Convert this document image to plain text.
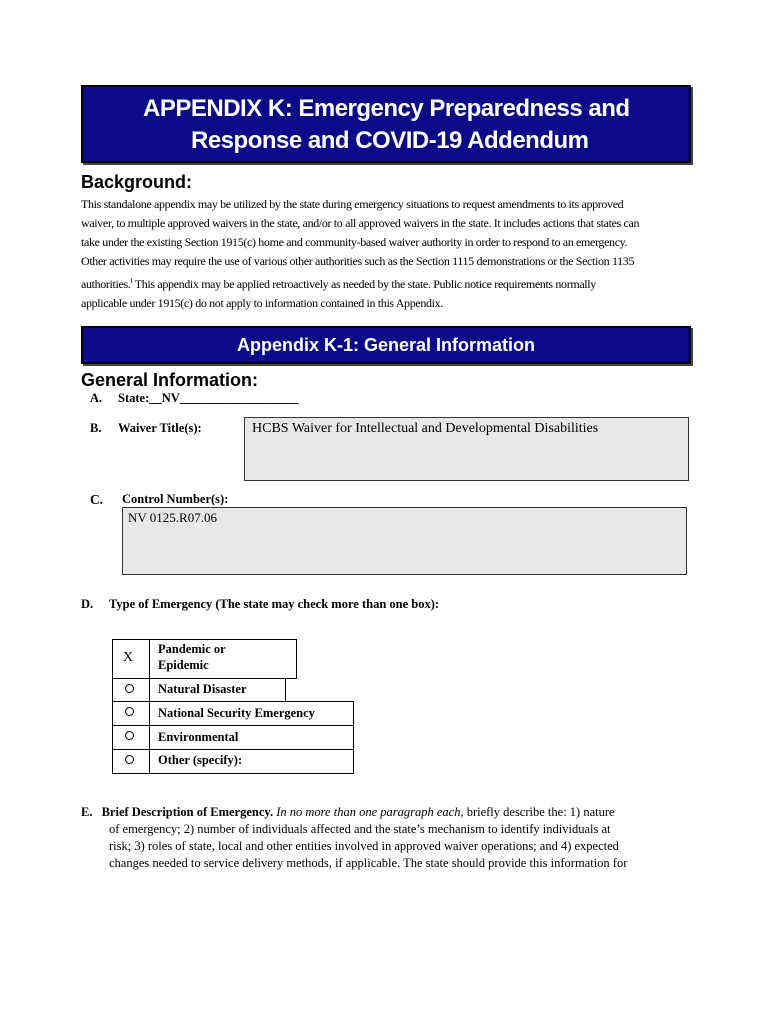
APPENDIX K: Emergency Preparedness and
Response and COVID-19 Addendum
Background:
This standalone appendix may be utilized by the state during emergency situations to request amendments to its approved
waiver, to multiple approved waivers in the state, and/or to all approved waivers in the state. It includes actions that states can
take under the existing Section 1915(c) home and community-based waiver authority in order to respond to an emergency.
Other activities may require the use of various other authorities such as the Section 1115 demonstrations or the Section 1135
authorities.$^i$ This appendix may be applied retroactively as needed by the state. Public notice requirements normally
applicable under 1915(c) do not apply to information contained in this Appendix.
Appendix K-1: General Information
General Information:
A. State:__NV___________________
B. Waiver Title(s):	HCBS Waiver for Intellectual and Developmental Disabilities
C. Control Number(s):
NV 0125.R07.06
D. Type of Emergency (The state may check more than one box):
X
Pandemic or
Epidemic
Natural Disaster
National Security Emergency
Environmental
Other (specify):
E. Brief Description of Emergency. In no more than one paragraph each, briefly describe the: 1) nature
of emergency; 2) number of individuals affected and the state’s mechanism to identify individuals at
risk; 3) roles of state, local and other entities involved in approved waiver operations; and 4) expected
changes needed to service delivery methods, if applicable. The state should provide this information for
